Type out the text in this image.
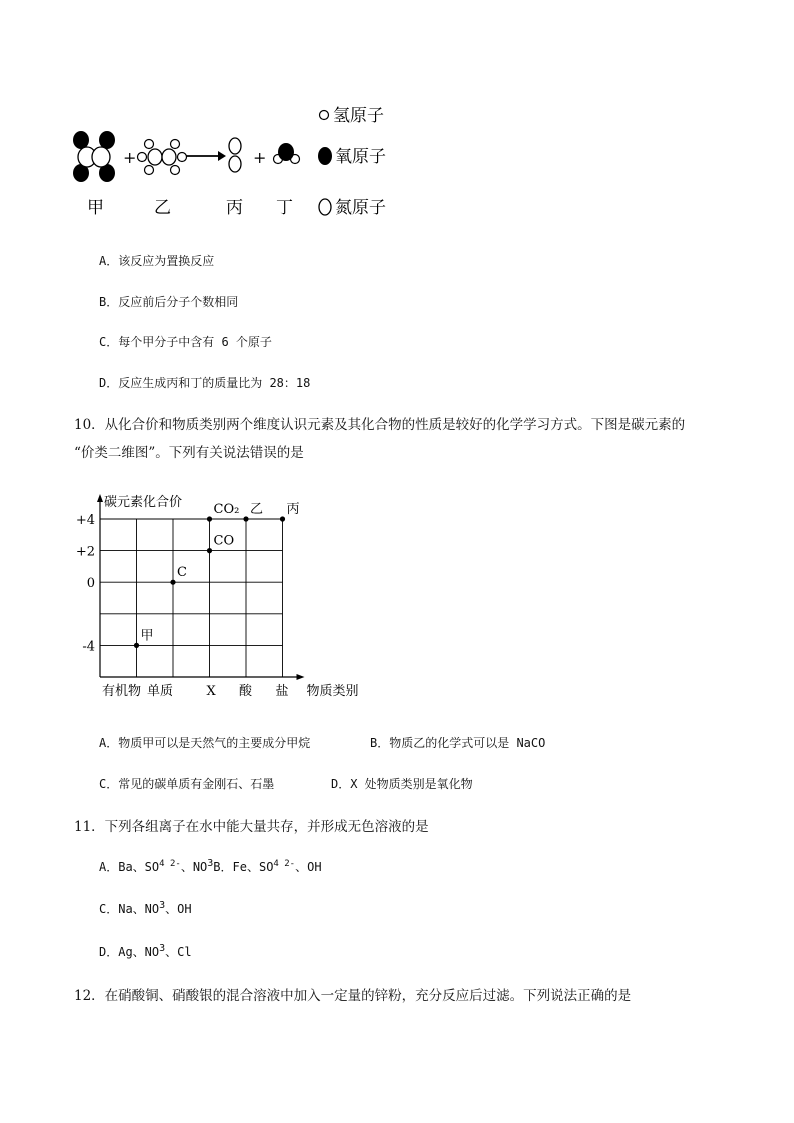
+	+
甲	乙	丙 丁
氢原子
氧原子
氮原子
A．该反应为置换反应
B．反应前后分子个数相同
C．每个甲分子中含有 6 个原子
D．反应生成丙和丁的质量比为 28：18
10．从化合价和物质类别两个维度认识元素及其化合物的性质是较好的化学学习方式。下图是碳元素的
“价类二维图”。下列有关说法错误的是
碳元素化合价
物质类别
+4
+2
0
-4
有机物 单质	X 酸 盐
甲
C
CO
CO₂ 乙 丙
A．物质甲可以是天然气的主要成分甲烷	B．物质乙的化学式可以是 NaCO
C．常见的碳单质有金刚石、石墨	D．X 处物质类别是氧化物
11．下列各组离子在水中能大量共存，并形成无色溶液的是
A．Ba、$SO^{4 2-}$、$NO^3B$．Fe、$SO^{4 2-}$、OH
C．Na、$NO^3$、OH
D．Ag、$NO^3$、Cl
12．在硝酸铜、硝酸银的混合溶液中加入一定量的锌粉，充分反应后过滤。下列说法正确的是
